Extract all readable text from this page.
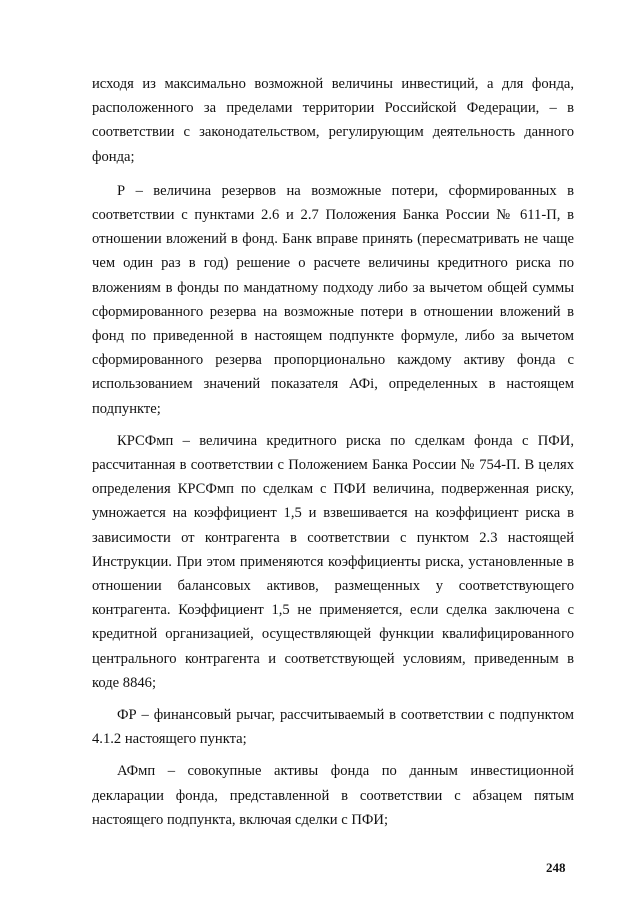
исходя из максимально возможной величины инвестиций, а для фонда, расположенного за пределами территории Российской Федерации, – в соответствии с законодательством, регулирующим деятельность данного фонда;

Р – величина резервов на возможные потери, сформированных в соответствии с пунктами 2.6 и 2.7 Положения Банка России № 611-П, в отношении вложений в фонд. Банк вправе принять (пересматривать не чаще чем один раз в год) решение о расчете величины кредитного риска по вложениям в фонды по мандатному подходу либо за вычетом общей суммы сформированного резерва на возможные потери в отношении вложений в фонд по приведенной в настоящем подпункте формуле, либо за вычетом сформированного резерва пропорционально каждому активу фонда с использованием значений показателя АФi, определенных в настоящем подпункте;

КРСФмп – величина кредитного риска по сделкам фонда с ПФИ, рассчитанная в соответствии с Положением Банка России № 754-П. В целях определения КРСФмп по сделкам с ПФИ величина, подверженная риску, умножается на коэффициент 1,5 и взвешивается на коэффициент риска в зависимости от контрагента в соответствии с пунктом 2.3 настоящей Инструкции. При этом применяются коэффициенты риска, установленные в отношении балансовых активов, размещенных у соответствующего контрагента. Коэффициент 1,5 не применяется, если сделка заключена с кредитной организацией, осуществляющей функции квалифицированного центрального контрагента и соответствующей условиям, приведенным в коде 8846;

ФР – финансовый рычаг, рассчитываемый в соответствии с подпунктом 4.1.2 настоящего пункта;

АФмп – совокупные активы фонда по данным инвестиционной декларации фонда, представленной в соответствии с абзацем пятым настоящего подпункта, включая сделки с ПФИ;

248
